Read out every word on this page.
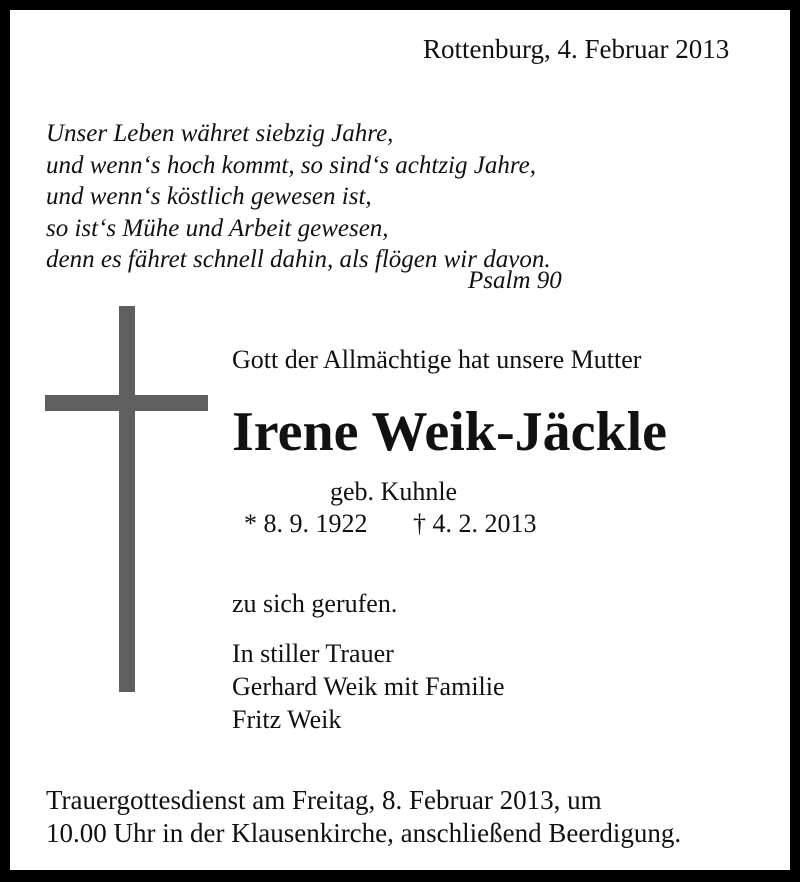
Rottenburg, 4. Februar 2013
Unser Leben währet siebzig Jahre,
und wenn‘s hoch kommt, so sind‘s achtzig Jahre,
und wenn‘s köstlich gewesen ist,
so ist‘s Mühe und Arbeit gewesen,
denn es fähret schnell dahin, als flögen wir davon.
Psalm 90
Gott der Allmächtige hat unsere Mutter
Irene Weik-Jäckle
geb. Kuhnle
* 8. 9. 1922 † 4. 2. 2013
zu sich gerufen.
In stiller Trauer
Gerhard Weik mit Familie
Fritz Weik
Trauergottesdienst am Freitag, 8. Februar 2013, um
10.00 Uhr in der Klausenkirche, anschließend Beerdigung.
